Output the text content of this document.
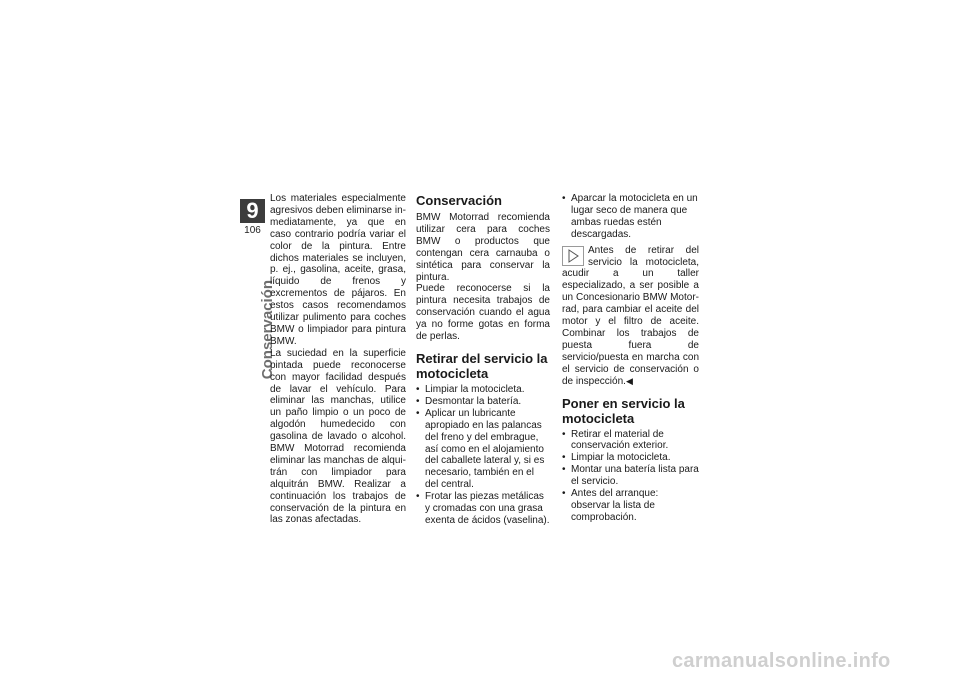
9
106
Conservación

Los materiales especialmente agresivos deben eliminarse inmediatamente, ya que en caso contrario podría variar el color de la pintura. Entre dichos materiales se incluyen, p. ej., gasolina, aceite, grasa, líquido de frenos y excrementos de pájaros. En estos casos recomendamos utilizar pulimento para coches BMW o limpiador para pintura BMW.

La suciedad en la superficie pintada puede reconocerse con mayor facilidad después de lavar el vehículo. Para eliminar las manchas, utilice un paño limpio o un poco de algodón humedecido con gasolina de lavado o alcohol. BMW Motorrad recomienda eliminar las manchas de alquitrán con limpiador para alquitrán BMW. Realizar a continuación los trabajos de conservación de la pintura en las zonas afectadas.

Conservación

BMW Motorrad recomienda utilizar cera para coches BMW o productos que contengan cera carnauba o sintética para conservar la pintura.

Puede reconocerse si la pintura necesita trabajos de conservación cuando el agua ya no forme gotas en forma de perlas.

Retirar del servicio la motocicleta
• Limpiar la motocicleta.
• Desmontar la batería.
• Aplicar un lubricante apropiado en las palancas del freno y del embrague, así como en el alojamiento del caballete lateral y, si es necesario, también en el del central.
• Frotar las piezas metálicas y cromadas con una grasa exenta de ácidos (vaselina).
• Aparcar la motocicleta en un lugar seco de manera que ambas ruedas estén descargadas.

Antes de retirar del servicio la motocicleta, acudir a un taller especializado, a ser posible a un Concesionario BMW Motorrad, para cambiar el aceite del motor y el filtro de aceite. Combinar los trabajos de puesta fuera de servicio/puesta en marcha con el servicio de conservación o de inspección.◀

Poner en servicio la motocicleta
• Retirar el material de conservación exterior.
• Limpiar la motocicleta.
• Montar una batería lista para el servicio.
• Antes del arranque: observar la lista de comprobación.
carmanualsonline.info
